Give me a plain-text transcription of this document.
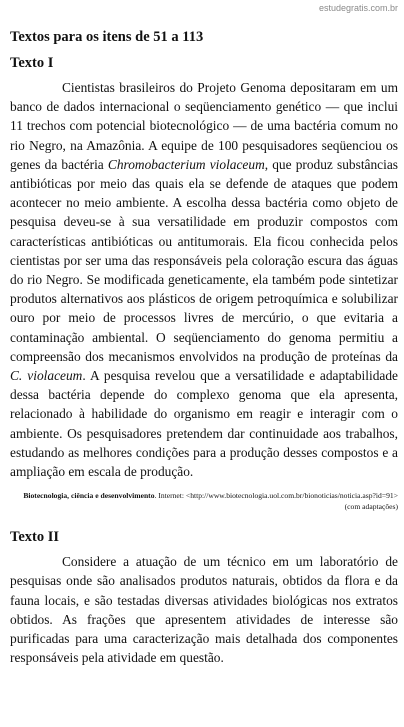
estudegratis.com.br
Textos para os itens de 51 a 113
Texto I

Cientistas brasileiros do Projeto Genoma depositaram em um banco de dados internacional o seqüenciamento genético — que inclui 11 trechos com potencial biotecnológico — de uma bactéria comum no rio Negro, na Amazônia. A equipe de 100 pesquisadores seqüenciou os genes da bactéria Chromobacterium violaceum, que produz substâncias antibióticas por meio das quais ela se defende de ataques que podem acontecer no meio ambiente. A escolha dessa bactéria como objeto de pesquisa deveu-se à sua versatilidade em produzir compostos com características antibióticas ou antitumorais. Ela ficou conhecida pelos cientistas por ser uma das responsáveis pela coloração escura das águas do rio Negro. Se modificada geneticamente, ela também pode sintetizar produtos alternativos aos plásticos de origem petroquímica e solubilizar ouro por meio de processos livres de mercúrio, o que evitaria a contaminação ambiental. O seqüenciamento do genoma permitiu a compreensão dos mecanismos envolvidos na produção de proteínas da C. violaceum. A pesquisa revelou que a versatilidade e adaptabilidade dessa bactéria depende do complexo genoma que ela apresenta, relacionado à habilidade do organismo em reagir e interagir com o ambiente. Os pesquisadores pretendem dar continuidade aos trabalhos, estudando as melhores condições para a produção desses compostos e a ampliação em escala de produção.

Biotecnologia, ciência e desenvolvimento. Internet: <http://www.biotecnologia.uol.com.br/bionoticias/noticia.asp?id=91> (com adaptações)
Texto II

Considere a atuação de um técnico em um laboratório de pesquisas onde são analisados produtos naturais, obtidos da flora e da fauna locais, e são testadas diversas atividades biológicas nos extratos obtidos. As frações que apresentem atividades de interesse são purificadas para uma caracterização mais detalhada dos componentes responsáveis pela atividade em questão.
